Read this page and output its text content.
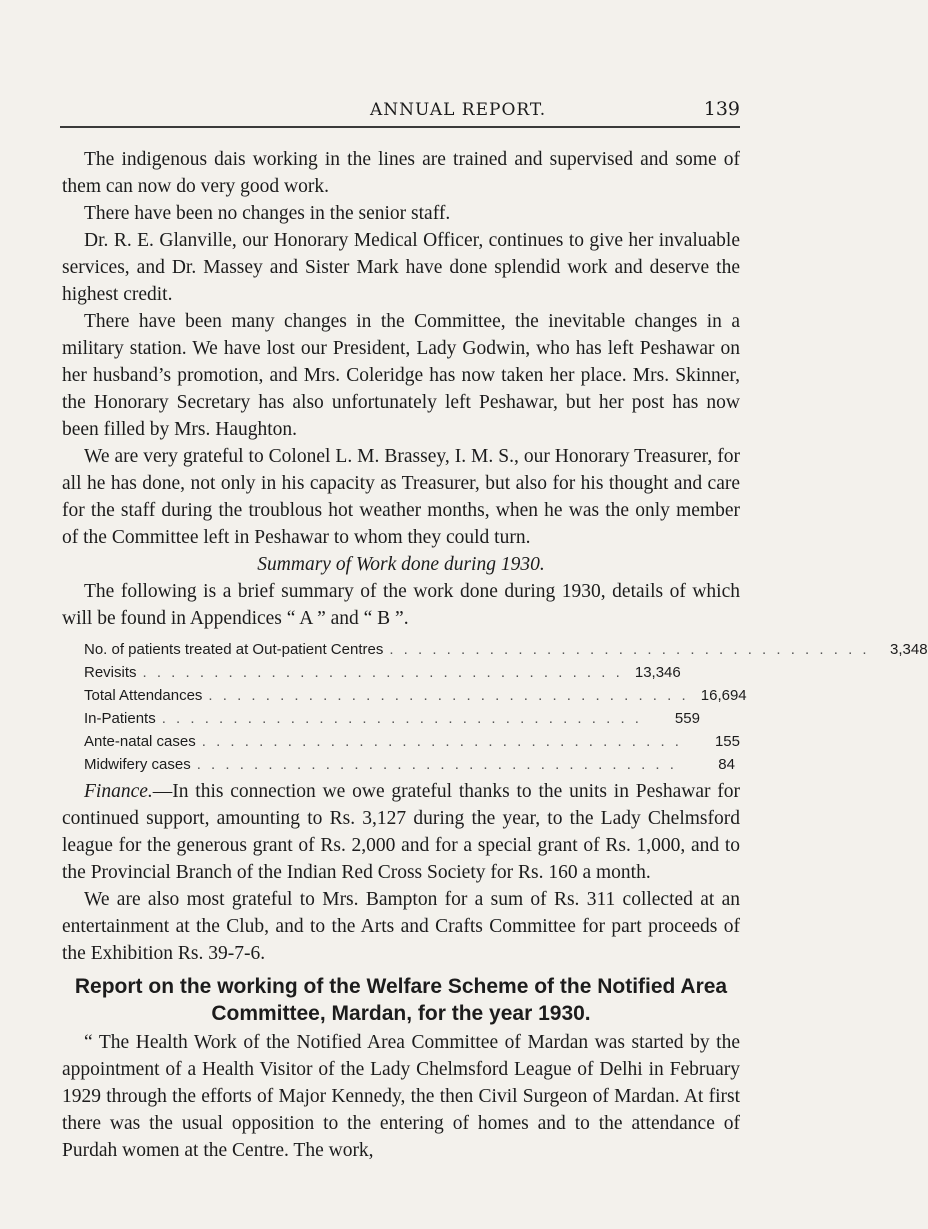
ANNUAL REPORT.	139

The indigenous dais working in the lines are trained and supervised and some of them can now do very good work.

There have been no changes in the senior staff.

Dr. R. E. Glanville, our Honorary Medical Officer, continues to give her invaluable services, and Dr. Massey and Sister Mark have done splendid work and deserve the highest credit.

There have been many changes in the Committee, the inevitable changes in a military station. We have lost our President, Lady Godwin, who has left Peshawar on her husband’s promotion, and Mrs. Coleridge has now taken her place. Mrs. Skinner, the Honorary Secretary has also unfortunately left Peshawar, but her post has now been filled by Mrs. Haughton.

We are very grateful to Colonel L. M. Brassey, I. M. S., our Honorary Treasurer, for all he has done, not only in his capacity as Treasurer, but also for his thought and care for the staff during the troublous hot weather months, when he was the only member of the Committee left in Peshawar to whom they could turn.

Summary of Work done during 1930.

The following is a brief summary of the work done during 1930, details of which will be found in Appendices “ A ” and “ B ”.

No. of patients treated at Out-patient Centres . . . . . . . . . . . . . . . . . . . . . . . . . . . . . . . . . .	3,348
Revisits . . . . . . . . . . . . . . . . . . . . . . . . . . . . . . . . . . 13,346
Total Attendances . . . . . . . . . . . . . . . . . . . . . . . . . . . . . . . . . . 16,694
In-Patients . . . . . . . . . . . . . . . . . . . . . . . . . . . . . . . . . .	559
Ante-natal cases . . . . . . . . . . . . . . . . . . . . . . . . . . . . . . . . . .	155
Midwifery cases . . . . . . . . . . . . . . . . . . . . . . . . . . . . . . . . . .	84

Finance.—In this connection we owe grateful thanks to the units in Peshawar for continued support, amounting to Rs. 3,127 during the year, to the Lady Chelmsford league for the generous grant of Rs. 2,000 and for a special grant of Rs. 1,000, and to the Provincial Branch of the Indian Red Cross Society for Rs. 160 a month.

We are also most grateful to Mrs. Bampton for a sum of Rs. 311 collected at an entertainment at the Club, and to the Arts and Crafts Committee for part proceeds of the Exhibition Rs. 39-7-6.

Report on the working of the Welfare Scheme of the Notified Area Committee, Mardan, for the year 1930.

“ The Health Work of the Notified Area Committee of Mardan was started by the appointment of a Health Visitor of the Lady Chelmsford League of Delhi in February 1929 through the efforts of Major Kennedy, the then Civil Surgeon of Mardan. At first there was the usual opposition to the entering of homes and to the attendance of Purdah women at the Centre. The work,
